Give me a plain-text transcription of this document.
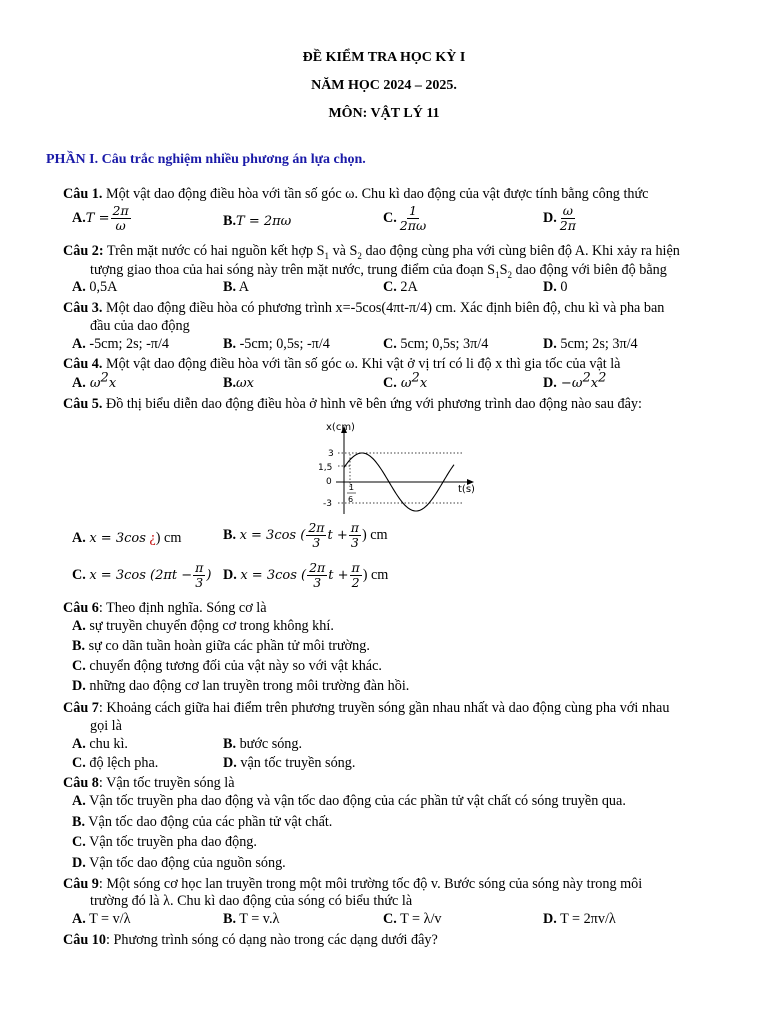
ĐỀ KIỂM TRA HỌC KỲ I
NĂM HỌC 2024 – 2025.
MÔN: VẬT LÝ 11
PHẦN I. Câu trắc nghiệm nhiều phương án lựa chọn.
Câu 1. Một vật dao động điều hòa với tần số góc ω. Chu kì dao động của vật được tính bằng công thức
$A.T = \frac{2\pi}{\omega}$	B.T = 2πω	C. $\frac{1}{2\pi\omega}$	D. $\frac{\omega}{2\pi}$
Câu 2: Trên mặt nước có hai nguồn kết hợp $S_1$ và $S_2$ dao động cùng pha với cùng biên độ A. Khi xảy ra hiện
tượng giao thoa của hai sóng này trên mặt nước, trung điểm của đoạn $S_1S_2$ dao động với biên độ bằng
A. 0,5A	B. A	C. 2A	D. 0
Câu 3. Một dao động điều hòa có phương trình x=-5cos(4πt-π/4) cm. Xác định biên độ, chu kì và pha ban
đầu của dao động
A. -5cm; 2s; -π/4	B. -5cm; 0,5s; -π/4	C. 5cm; 0,5s; 3π/4	D. 5cm; 2s; 3π/4
Câu 4. Một vật dao động điều hòa với tần số góc ω. Khi vật ở vị trí có li độ x thì gia tốc của vật là
A. $\omega^2x$	B.ωx	C. $\omega^2x$	D. $-\omega^2x^2$
Câu 5. Đồ thị biểu diễn dao động điều hòa ở hình vẽ bên ứng với phương trình dao động nào sau đây:
x(cm)
t(s)
3
1,5
0
-3
1
6
A. x = 3cos ¿) cm	B. x = 3cos ( $\frac{2\pi}{3}$ $t + \frac{\pi}{3}$ ) cm
C. x = 3cos ($2\pi t - \frac{\pi}{3}$ ) D. x = 3cos ( $\frac{2\pi}{3}$ $t + \frac{\pi}{2}$ ) cm
Câu 6: Theo định nghĩa. Sóng cơ là
A. sự truyền chuyển động cơ trong không khí.
B. sự co dãn tuần hoàn giữa các phần tử môi trường.
C. chuyển động tương đối của vật này so với vật khác.
D. những dao động cơ lan truyền trong môi trường đàn hồi.
Câu 7: Khoảng cách giữa hai điểm trên phương truyền sóng gần nhau nhất và dao động cùng pha với nhau
gọi là
A. chu kì.	B. bước sóng.
C. độ lệch pha.	D. vận tốc truyền sóng.
Câu 8: Vận tốc truyền sóng là
A. Vận tốc truyền pha dao động và vận tốc dao động của các phần tử vật chất có sóng truyền qua.
B. Vận tốc dao động của các phần tử vật chất.
C. Vận tốc truyền pha dao động.
D. Vận tốc dao động của nguồn sóng.
Câu 9: Một sóng cơ học lan truyền trong một môi trường tốc độ v. Bước sóng của sóng này trong môi
trường đó là λ. Chu kì dao động của sóng có biểu thức là
A. T = v/λ	B. T = v.λ	C. T = λ/v	D. T = 2πv/λ
Câu 10: Phương trình sóng có dạng nào trong các dạng dưới đây?
